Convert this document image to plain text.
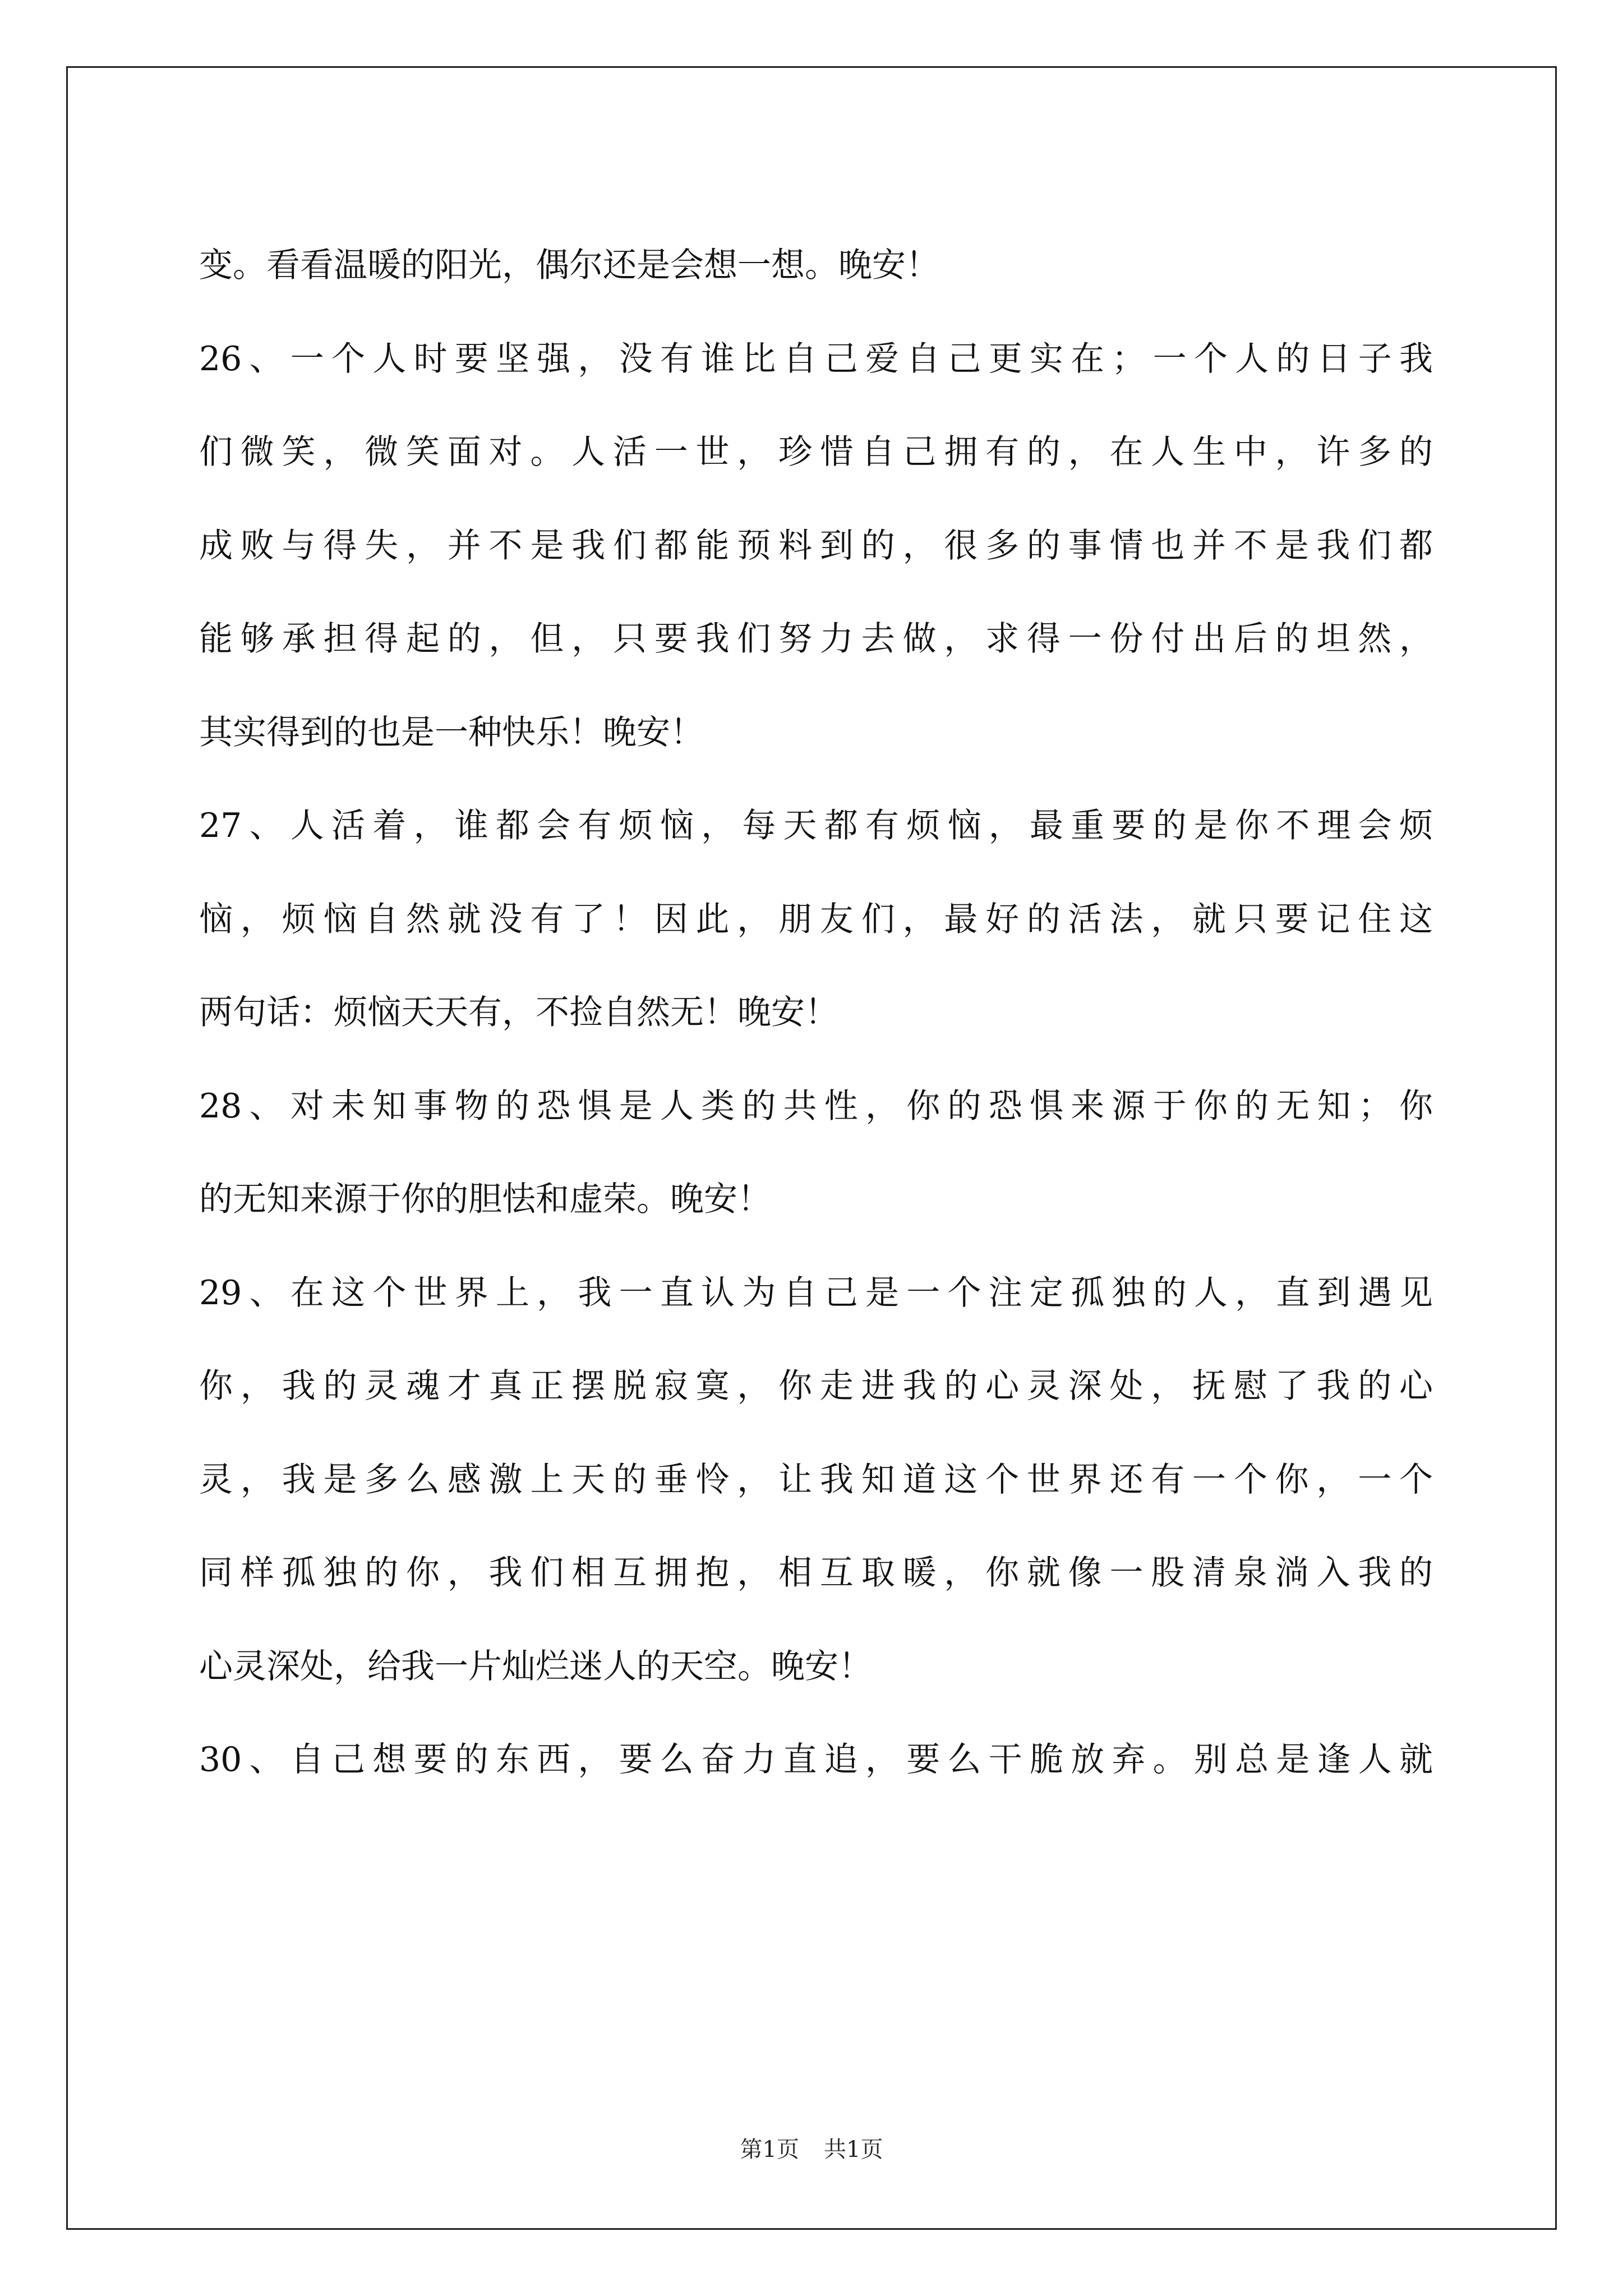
变。看看温暖的阳光，偶尔还是会想一想。晚安！
26、一个人时要坚强，没有谁比自己爱自己更实在；一个人的日子我
们微笑，微笑面对。人活一世，珍惜自己拥有的，在人生中，许多的
成败与得失，并不是我们都能预料到的，很多的事情也并不是我们都
能够承担得起的，但，只要我们努力去做，求得一份付出后的坦然，
其实得到的也是一种快乐！晚安！
27、人活着，谁都会有烦恼，每天都有烦恼，最重要的是你不理会烦
恼，烦恼自然就没有了！因此，朋友们，最好的活法，就只要记住这
两句话：烦恼天天有，不捡自然无！晚安！
28、对未知事物的恐惧是人类的共性，你的恐惧来源于你的无知；你
的无知来源于你的胆怯和虚荣。晚安！
29、在这个世界上，我一直认为自己是一个注定孤独的人，直到遇见
你，我的灵魂才真正摆脱寂寞，你走进我的心灵深处，抚慰了我的心
灵，我是多么感激上天的垂怜，让我知道这个世界还有一个你，一个
同样孤独的你，我们相互拥抱，相互取暖，你就像一股清泉淌入我的
心灵深处，给我一片灿烂迷人的天空。晚安！
30、自己想要的东西，要么奋力直追，要么干脆放弃。别总是逢人就
第1页 共1页
